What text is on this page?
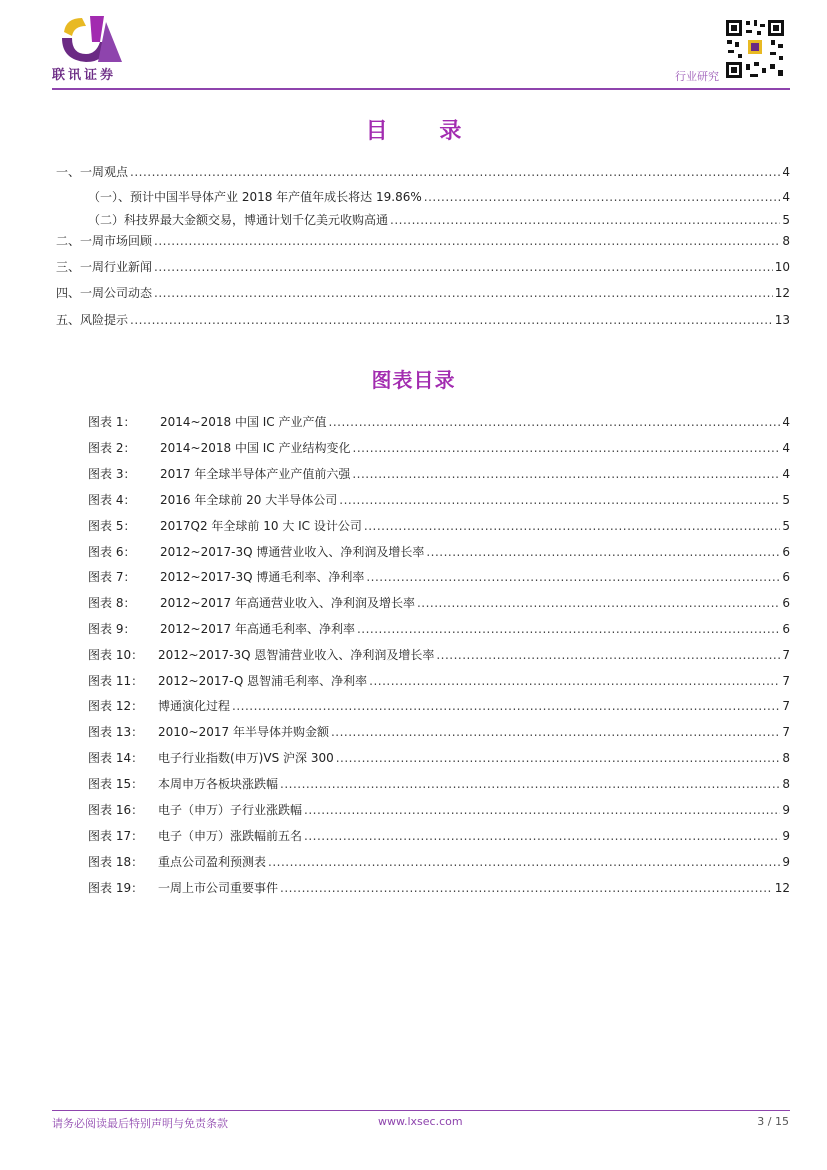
联讯证券	行业研究
目 录
一、一周观点 .....	4
（一）、预计中国半导体产业 2018 年产值年成长将达 19.86% .....	4
（二）科技界最大金额交易，博通计划千亿美元收购高通 .....	5
二、一周市场回顾 .....	8
三、一周行业新闻 .....	10
四、一周公司动态 .....	12
五、风险提示 .....	13
图表目录
图表 1：	2014~2018 中国 IC 产业产值 .....	4
图表 2：	2014~2018 中国 IC 产业结构变化 .....	4
图表 3：	2017 年全球半导体产业产值前六强 .....	4
图表 4：	2016 年全球前 20 大半导体公司 .....	5
图表 5：	2017Q2 年全球前 10 大 IC 设计公司 .....	5
图表 6：	2012~2017-3Q 博通营业收入、净利润及增长率 .....	6
图表 7：	2012~2017-3Q 博通毛利率、净利率 .....	6
图表 8：	2012~2017 年高通营业收入、净利润及增长率 .....	6
图表 9：	2012~2017 年高通毛利率、净利率 .....	6
图表 10：	2012~2017-3Q 恩智浦营业收入、净利润及增长率 .....	7
图表 11：	2012~2017-Q 恩智浦毛利率、净利率 .....	7
图表 12：	博通演化过程 .....	7
图表 13：	2010~2017 年半导体并购金额 .....	7
图表 14：	电子行业指数(申万)VS 沪深 300 .....	8
图表 15：	本周申万各板块涨跌幅 .....	8
图表 16：	电子（申万）子行业涨跌幅 .....	9
图表 17：	电子（申万）涨跌幅前五名 .....	9
图表 18：	重点公司盈利预测表 .....	9
图表 19：	一周上市公司重要事件 .....	12
请务必阅读最后特别声明与免责条款	www.lxsec.com	3 / 15
